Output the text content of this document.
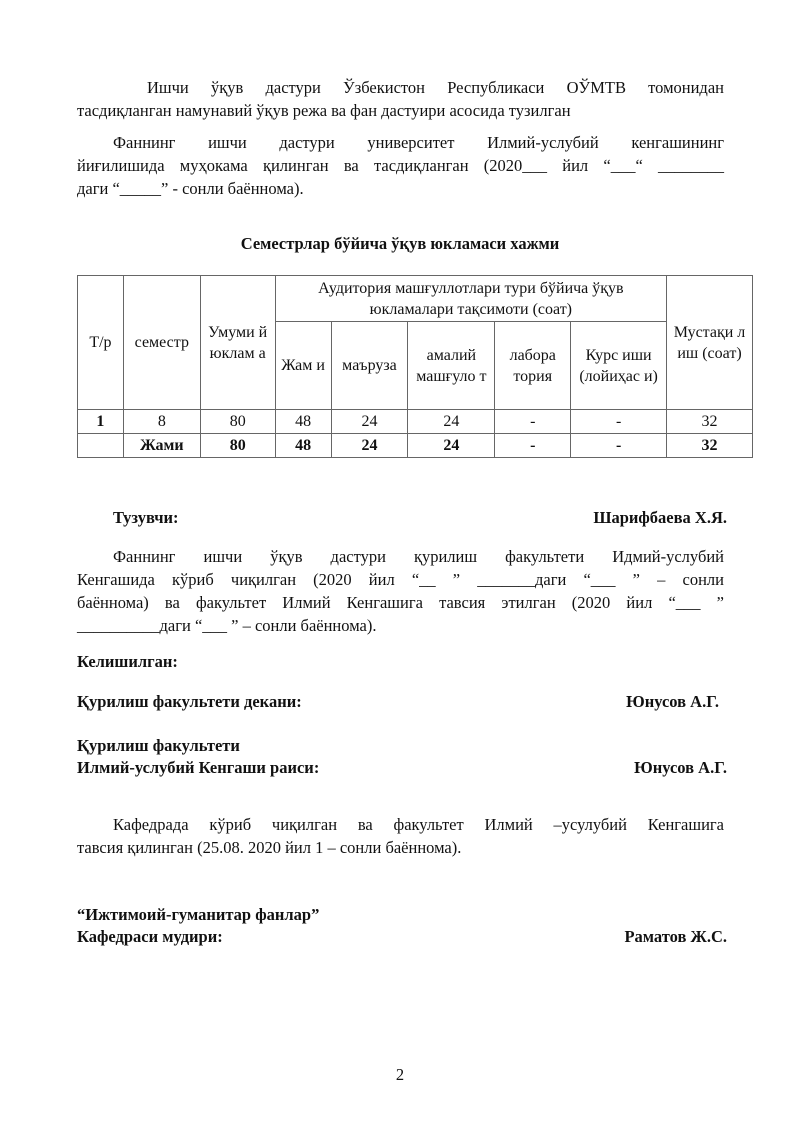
Ишчи ўқув дастури Ўзбекистон Республикаси ОЎМТВ томонидан
тасдиқланган намунавий ўқув режа ва фан дастуири асосида тузилган
Фаннинг ишчи дастури университет Илмий-услубий кенгашининг
йиғилишида муҳокама қилинган ва тасдиқланган (2020___ йил “___“ ________
даги “_____” - сонли баённома).
Семестрлар бўйича ўқув юкламаси хажми
Т/р	семестр	Умуми й юклам а	Аудитория машғуллотлари тури бўйича ўқув юкламалари тақсимоти (соат)					Мустақи л иш (соат)
			Жам и	маъруза	амалий машғуло т	лабора тория	Курс иши (лойиҳас и)	
1	8	80	48	24	24	-	-	32
	Жами	80	48	24	24	-	-	32
Тузувчи:	Шарифбаева Х.Я.
Фаннинг ишчи ўқув дастури қурилиш факультети Идмий-услубий
Кенгашида кўриб чиқилган (2020 йил “__ ” _______даги “___ ” – сонли
баённома) ва факультет Илмий Кенгашига тавсия этилган (2020 йил “___ ”
__________даги “___ ” – сонли баённома).
Келишилган:
Қурилиш факультети декани:	Юнусов А.Г.
Қурилиш факультети
Илмий-услубий Кенгаши раиси:	Юнусов А.Г.
Кафедрада кўриб чиқилган ва факультет Илмий –усулубий Кенгашига
тавсия қилинган (25.08. 2020 йил 1 – сонли баённома).
“Ижтимоий-гуманитар фанлар”
Кафедраси мудири:	Раматов Ж.С.
2
